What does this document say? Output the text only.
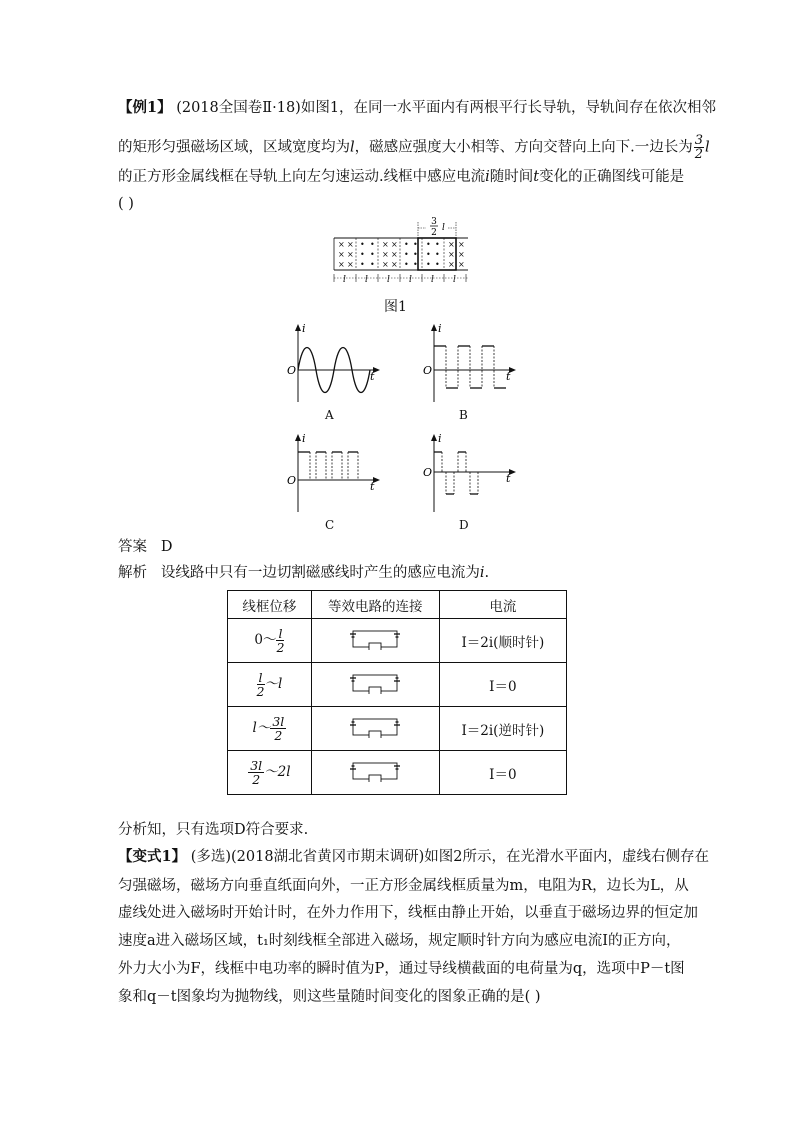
【例1】 (2018全国卷Ⅱ·18)如图1，在同一水平面内有两根平行长导轨，导轨间存在依次相邻
的矩形匀强磁场区域，区域宽度均为l，磁感应强度大小相等、方向交替向上向下.一边长为 $\frac{3}{2}$ l
的正方形金属线框在导轨上向左匀速运动.线框中感应电流i随时间t变化的正确图线可能是
( )
3
2 l
× ×
× ×
× ×
• •
• •
• •
× ×
× ×
× ×
• •
• •
• •
• •
• •
• •
× ×
× ×
× ×
l l l l l l
图1
i
t
O
A
i
t
O
B
i
t
O
C
i
t
O
D
答案 D
解析 设线路中只有一边切割磁感线时产生的感应电流为i.
线框位移	等效电路的连接	电流
0～ $\frac{l}{2}$		I＝2i(顺时针)

$\frac{l}{2}$ ～l		I＝0
l～ $\frac{3l}{2}$		I＝2i(逆时针)

$\frac{3l}{2}$ ～2l		I＝0
分析知，只有选项D符合要求.
【变式1】 (多选)(2018湖北省黄冈市期末调研)如图2所示，在光滑水平面内，虚线右侧存在
匀强磁场，磁场方向垂直纸面向外，一正方形金属线框质量为m，电阻为R，边长为L，从
虚线处进入磁场时开始计时，在外力作用下，线框由静止开始，以垂直于磁场边界的恒定加
速度a进入磁场区域，t₁时刻线框全部进入磁场，规定顺时针方向为感应电流I的正方向，
外力大小为F，线框中电功率的瞬时值为P，通过导线横截面的电荷量为q，选项中P－t图
象和q－t图象均为抛物线，则这些量随时间变化的图象正确的是( )
